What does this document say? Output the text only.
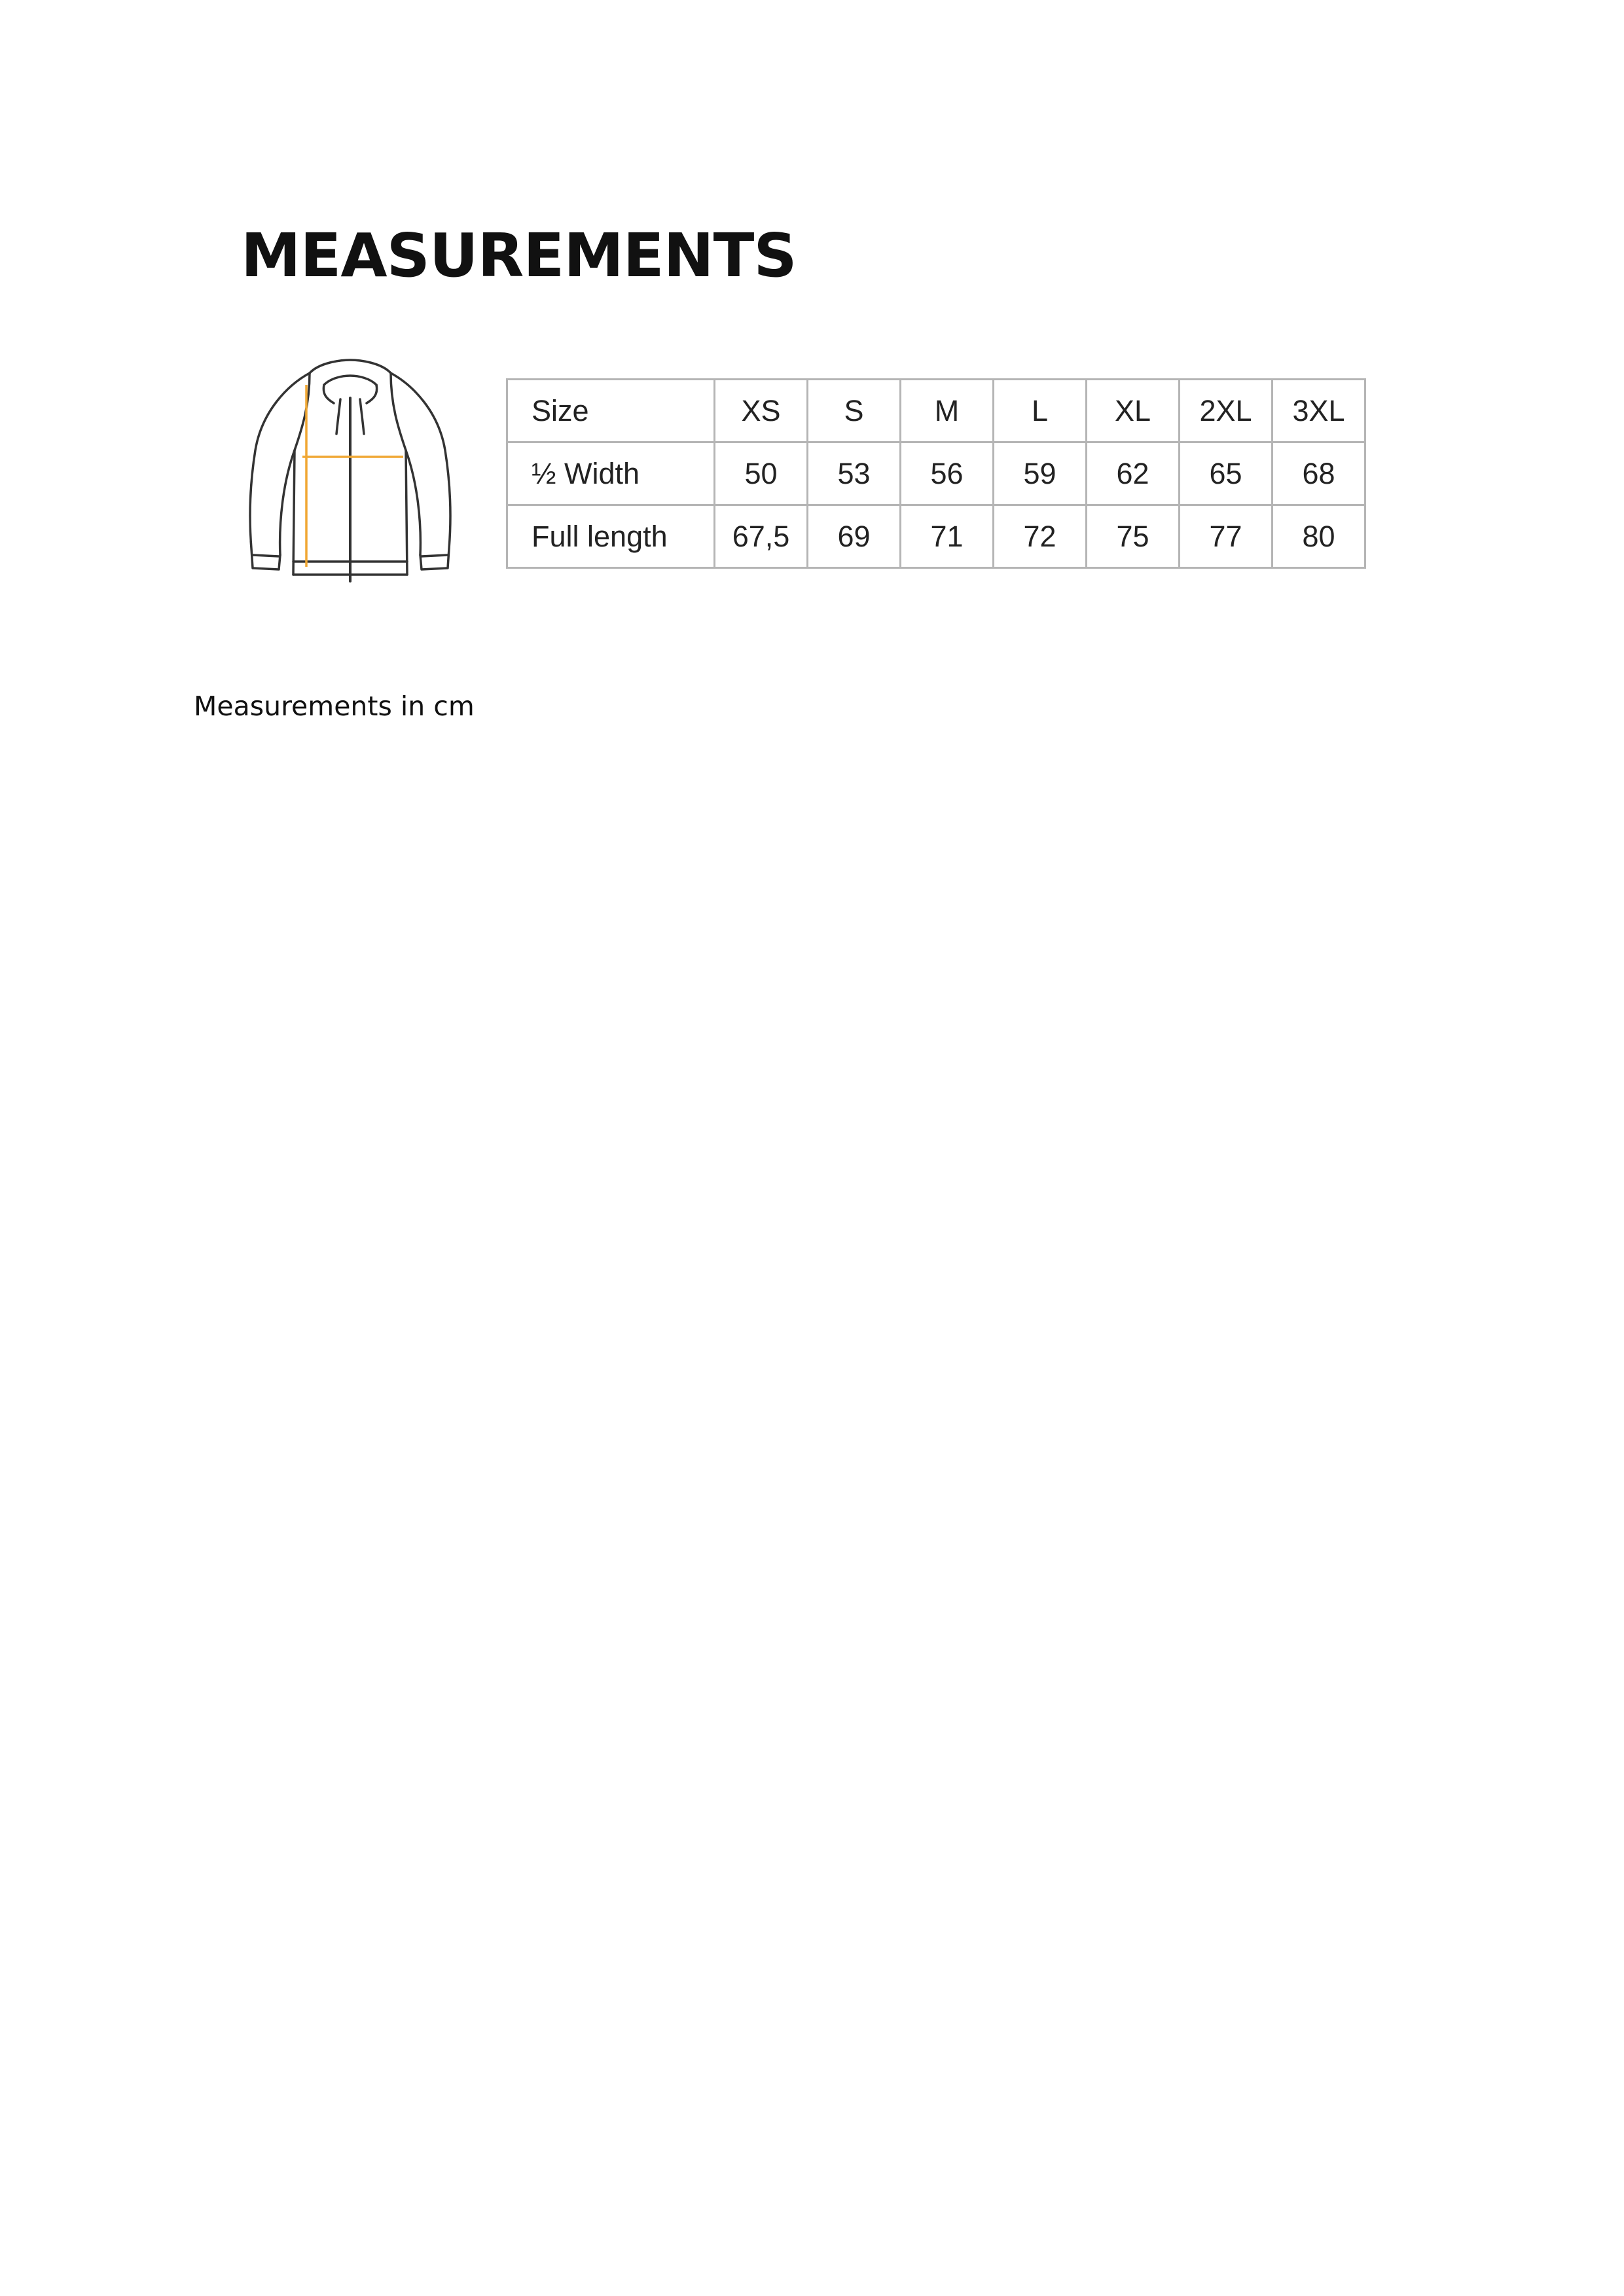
MEASUREMENTS
Size	XS	S	M	L	XL	2XL	3XL
½ Width	50	53	56	59	62	65	68
Full length	67,5	69	71	72	75	77	80
Measurements in cm
